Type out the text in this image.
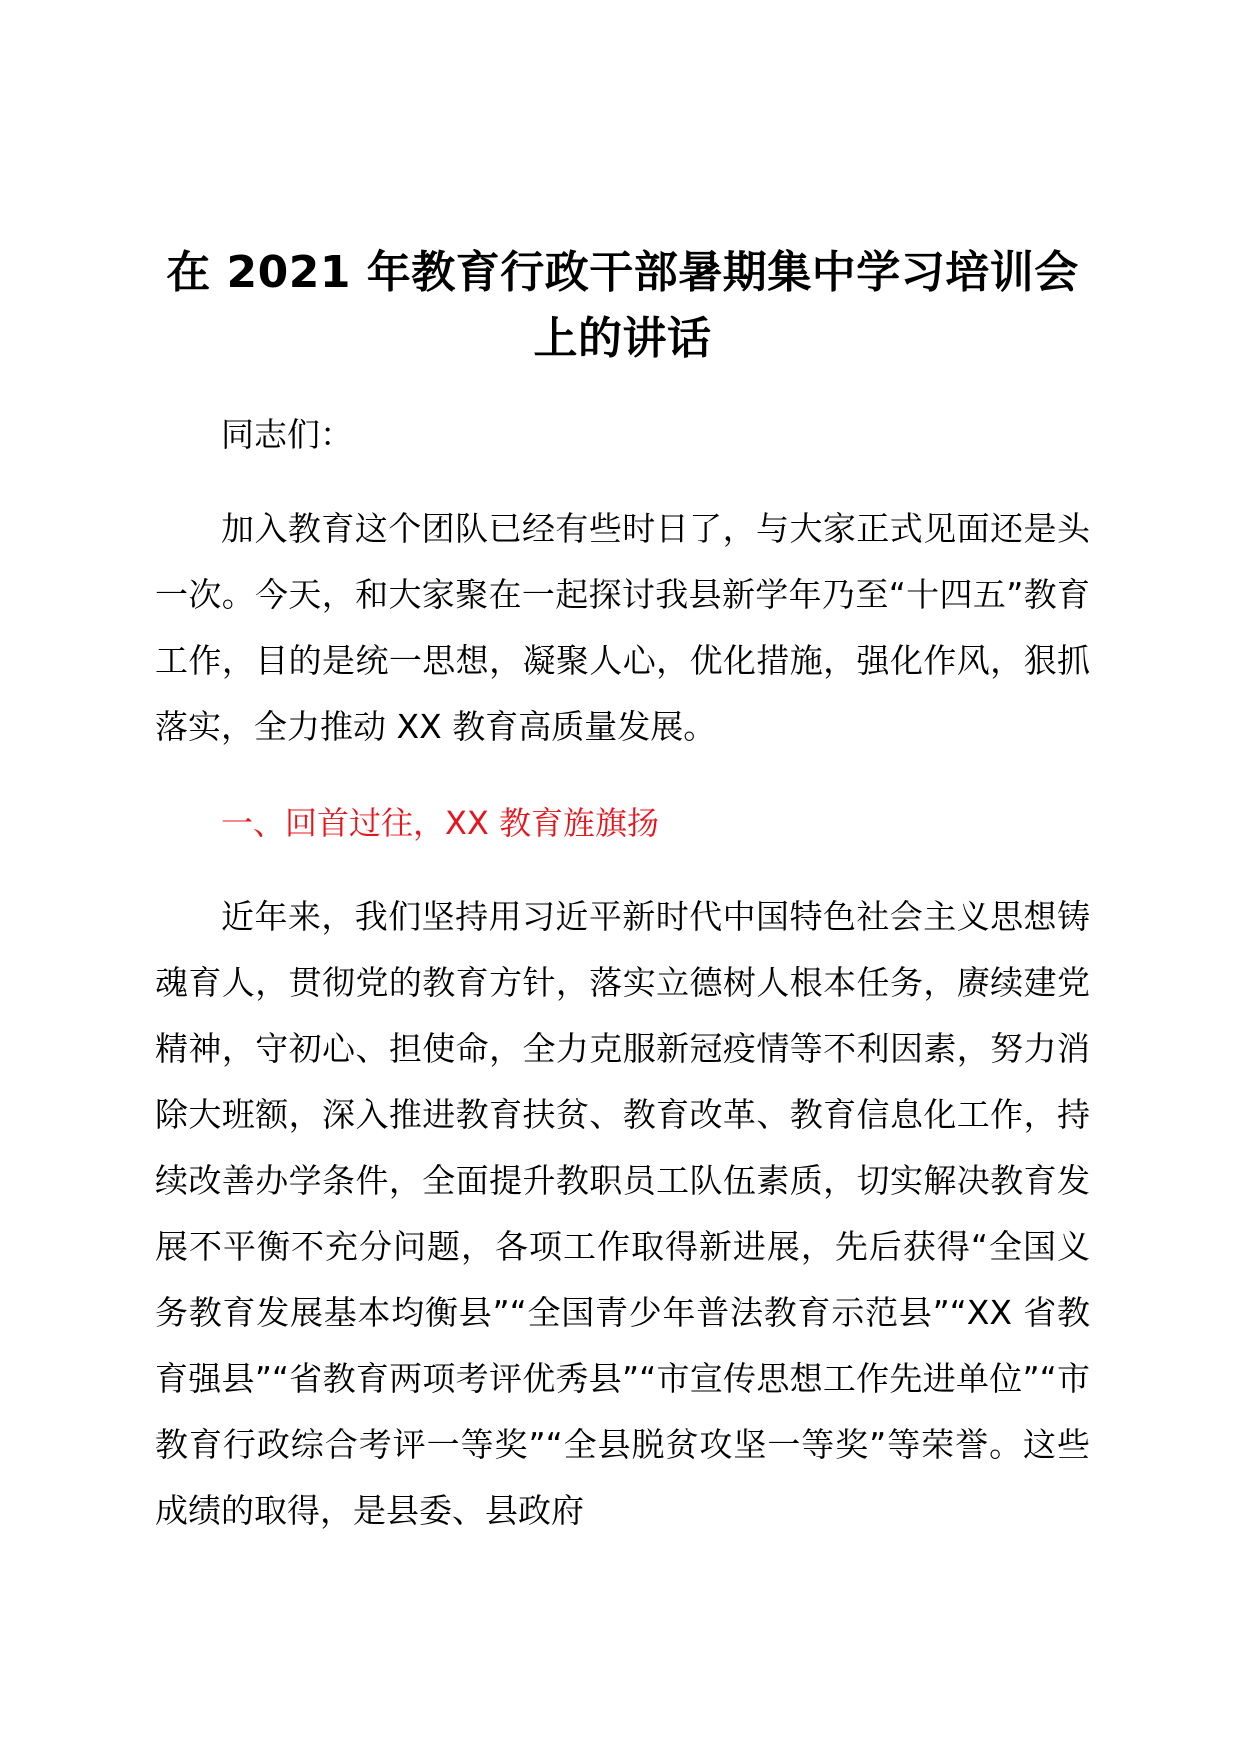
在 2021 年教育行政干部暑期集中学习培训会上的讲话

同志们：

加入教育这个团队已经有些时日了，与大家正式见面还是头一次。今天，和大家聚在一起探讨我县新学年乃至“十四五”教育工作，目的是统一思想，凝聚人心，优化措施，强化作风，狠抓落实，全力推动 XX 教育高质量发展。

一、回首过往，XX 教育旌旗扬

近年来，我们坚持用习近平新时代中国特色社会主义思想铸魂育人，贯彻党的教育方针，落实立德树人根本任务，赓续建党精神，守初心、担使命，全力克服新冠疫情等不利因素，努力消除大班额，深入推进教育扶贫、教育改革、教育信息化工作，持续改善办学条件，全面提升教职员工队伍素质，切实解决教育发展不平衡不充分问题，各项工作取得新进展，先后获得“全国义务教育发展基本均衡县”“全国青少年普法教育示范县”“XX 省教育强县”“省教育两项考评优秀县”“市宣传思想工作先进单位”“市教育行政综合考评一等奖”“全县脱贫攻坚一等奖”等荣誉。这些成绩的取得，是县委、县政府
